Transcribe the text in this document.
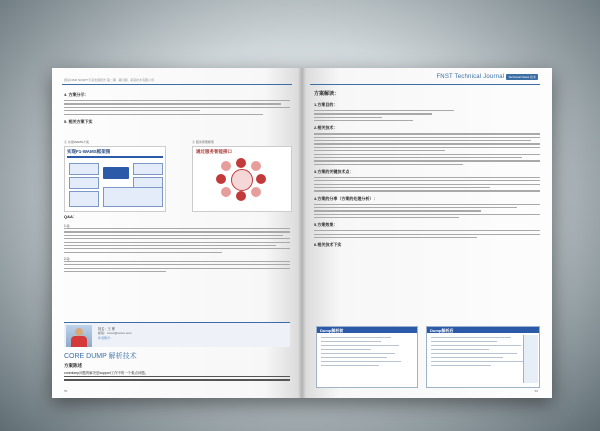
国家FIND NCSPT专家发展报告 第二期 · 第四期 · 某某技术有限公司
4. 方案分示：
5. 相关方案下实
① 实现WAMS方案	② 服务管理框架
实现F1-WAMS框架图	通过服务智能接口
Q&A：
1.Q:
2.Q:
姓名：王 博
邮箱：xxxxx@xxxxx.com
作者简介：
CORE DUMP 解析技术
方案陈述
coredump问题的解决是support工作中的一个难点问题。
55
FNST Technical Journal	Technical News 技术
方案解读：
1.方案目的：
2.相关技术：
3.方案的关键技术点：
4.方案的分享（方案的处理分析）：
5.方案效果：
6.相关技术下实
Dump解析前	Dump解析后
56
